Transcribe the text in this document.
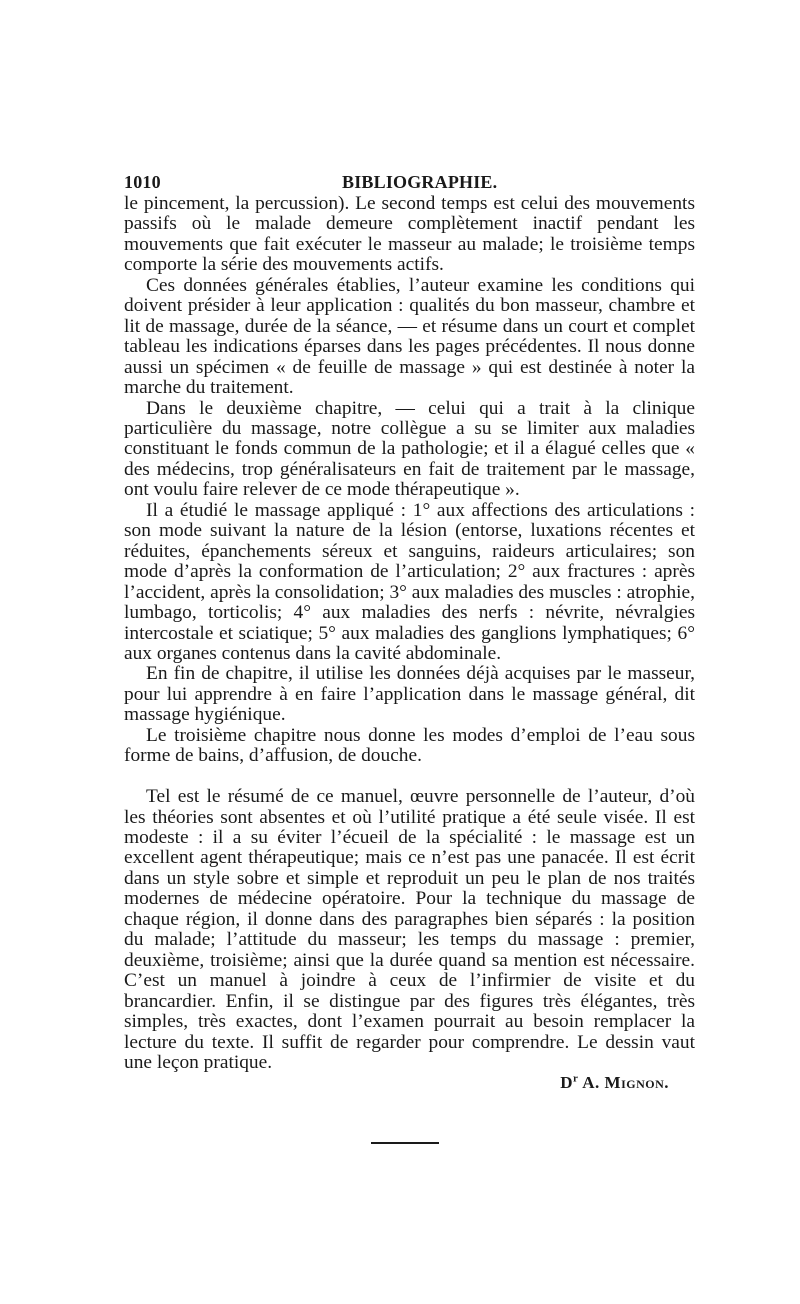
1010	BIBLIOGRAPHIE.

le pincement, la percussion). Le second temps est celui des mouvements passifs où le malade demeure complètement inactif pendant les mouvements que fait exécuter le masseur au malade; le troisième temps comporte la série des mouvements actifs.

Ces données générales établies, l’auteur examine les conditions qui doivent présider à leur application : qualités du bon masseur, chambre et lit de massage, durée de la séance, — et résume dans un court et complet tableau les indications éparses dans les pages précédentes. Il nous donne aussi un spécimen « de feuille de massage » qui est destinée à noter la marche du traitement.

Dans le deuxième chapitre, — celui qui a trait à la clinique particulière du massage, notre collègue a su se limiter aux maladies constituant le fonds commun de la pathologie; et il a élagué celles que « des médecins, trop généralisateurs en fait de traitement par le massage, ont voulu faire relever de ce mode thérapeutique ».

Il a étudié le massage appliqué : 1° aux affections des articulations : son mode suivant la nature de la lésion (entorse, luxations récentes et réduites, épanchements séreux et sanguins, raideurs articulaires; son mode d’après la conformation de l’articulation; 2° aux fractures : après l’accident, après la consolidation; 3° aux maladies des muscles : atrophie, lumbago, torticolis; 4° aux maladies des nerfs : névrite, névralgies intercostale et sciatique; 5° aux maladies des ganglions lymphatiques; 6° aux organes contenus dans la cavité abdominale.

En fin de chapitre, il utilise les données déjà acquises par le masseur, pour lui apprendre à en faire l’application dans le massage général, dit massage hygiénique.

Le troisième chapitre nous donne les modes d’emploi de l’eau sous forme de bains, d’affusion, de douche.

Tel est le résumé de ce manuel, œuvre personnelle de l’auteur, d’où les théories sont absentes et où l’utilité pratique a été seule visée. Il est modeste : il a su éviter l’écueil de la spécialité : le massage est un excellent agent thérapeutique; mais ce n’est pas une panacée. Il est écrit dans un style sobre et simple et reproduit un peu le plan de nos traités modernes de médecine opératoire. Pour la technique du massage de chaque région, il donne dans des paragraphes bien séparés : la position du malade; l’attitude du masseur; les temps du massage : premier, deuxième, troisième; ainsi que la durée quand sa mention est nécessaire. C’est un manuel à joindre à ceux de l’infirmier de visite et du brancardier. Enfin, il se distingue par des figures très élégantes, très simples, très exactes, dont l’examen pourrait au besoin remplacer la lecture du texte. Il suffit de regarder pour comprendre. Le dessin vaut une leçon pratique.

$D^r$ A. Mignon.
